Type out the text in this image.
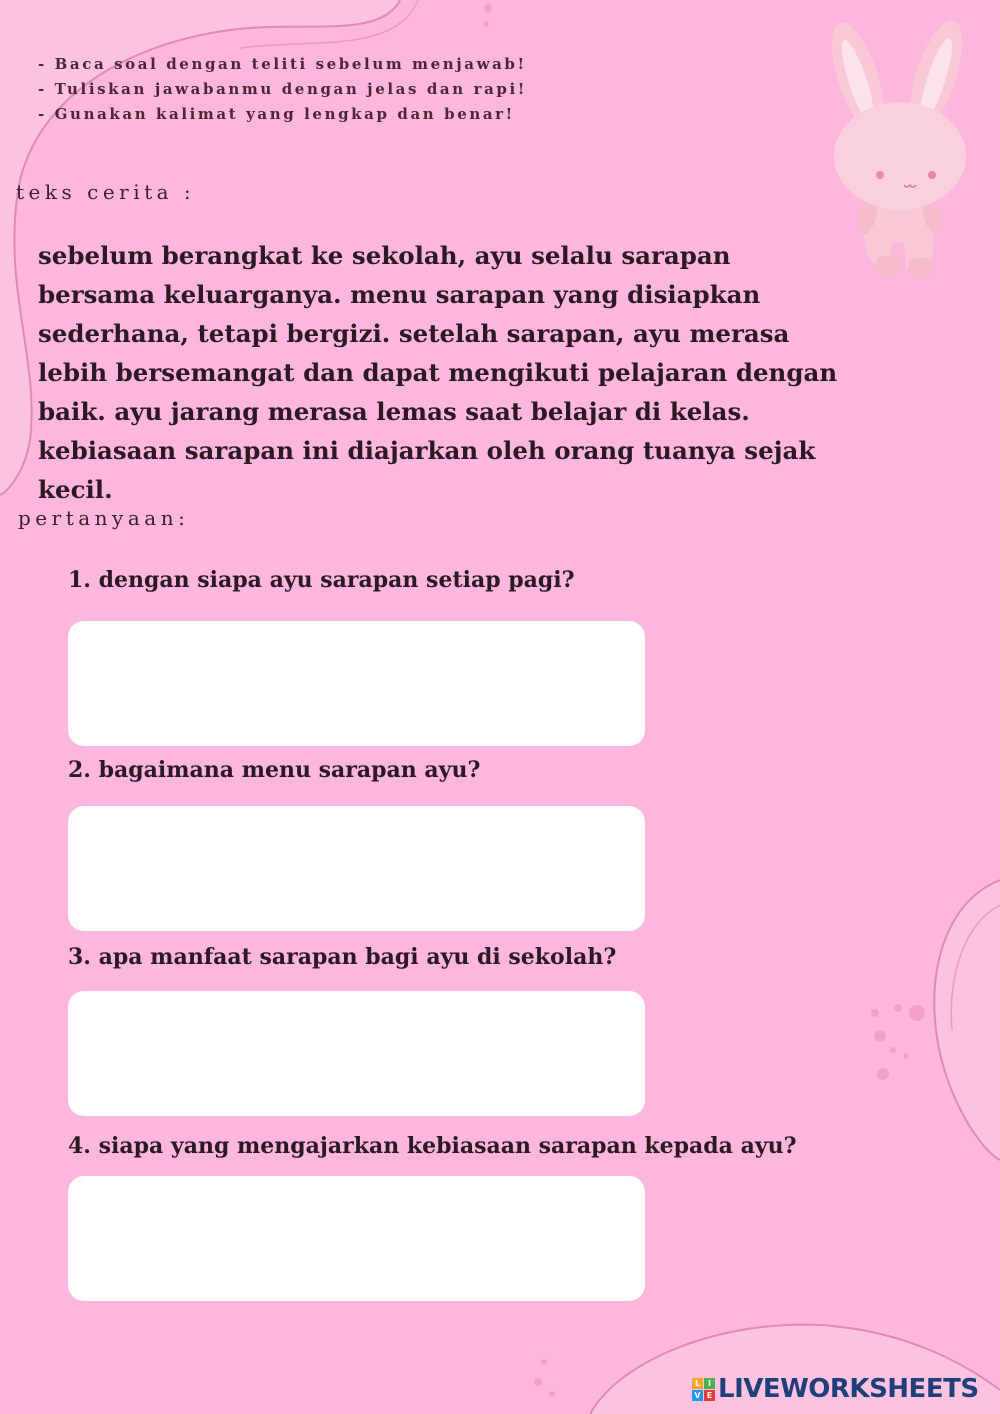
- Baca soal dengan teliti sebelum menjawab!
- Tuliskan jawabanmu dengan jelas dan rapi!
- Gunakan kalimat yang lengkap dan benar!
teks cerita :

sebelum berangkat ke sekolah, ayu selalu sarapan bersama keluarganya. menu sarapan yang disiapkan sederhana, tetapi bergizi. setelah sarapan, ayu merasa lebih bersemangat dan dapat mengikuti pelajaran dengan baik. ayu jarang merasa lemas saat belajar di kelas. kebiasaan sarapan ini diajarkan oleh orang tuanya sejak kecil.

pertanyaan:
1. dengan siapa ayu sarapan setiap pagi?
2. bagaimana menu sarapan ayu?
3. apa manfaat sarapan bagi ayu di sekolah?
4. siapa yang mengajarkan kebiasaan sarapan kepada ayu?
L I
V E LIVEWORKSHEETS
